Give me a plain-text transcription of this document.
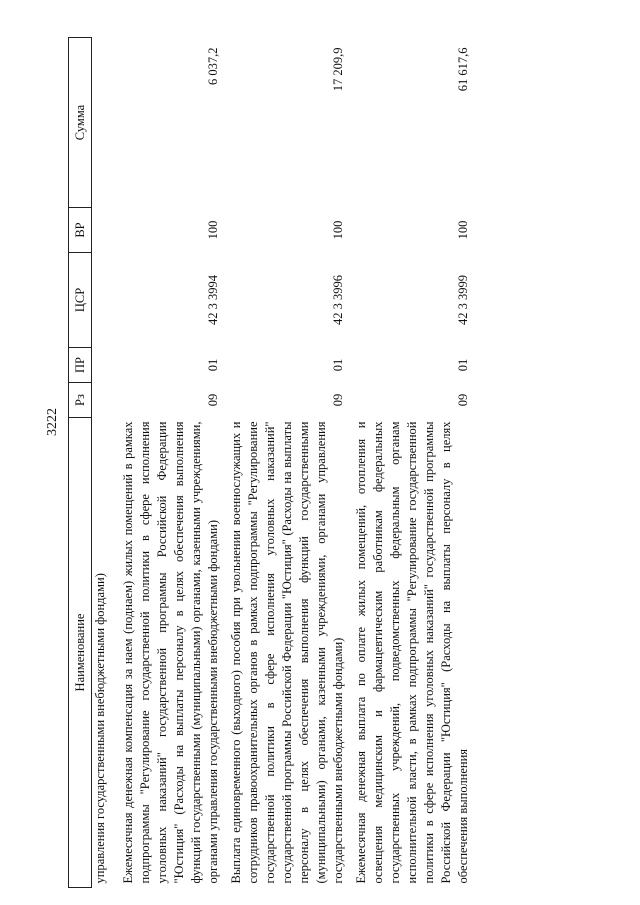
3222
Наименование	Рз	ПР	ЦСР	ВР	Сумма
управления государственными внебюджетными фондами)					
Ежемесячная денежная компенсация за наем (поднаем) жилых помещений в рамках подпрограммы "Регулирование государственной политики в сфере исполнения уголовных наказаний" государственной программы Российской Федерации "Юстиция" (Расходы на выплаты персоналу в целях обеспечения выполнения функций государственными (муниципальными) органами, казенными учреждениями, органами управления государственными внебюджетными фондами)	09	01	42 3 3994	100	6 037,2
Выплата единовременного (выходного) пособия при увольнении военнослужащих и сотрудников правоохранительных органов в рамках подпрограммы "Регулирование государственной политики в сфере исполнения уголовных наказаний" государственной программы Российской Федерации "Юстиция" (Расходы на выплаты персоналу в целях обеспечения выполнения функций государственными (муниципальными) органами, казенными учреждениями, органами управления государственными внебюджетными фондами)	09	01	42 3 3996	100	17 209,9
Ежемесячная денежная выплата по оплате жилых помещений, отопления и освещения медицинским и фармацевтическим работникам федеральных государственных учреждений, подведомственных федеральным органам исполнительной власти, в рамках подпрограммы "Регулирование государственной политики в сфере исполнения уголовных наказаний" государственной программы Российской Федерации "Юстиция" (Расходы на выплаты персоналу в целях обеспечения выполнения	09	01	42 3 3999	100	61 617,6
